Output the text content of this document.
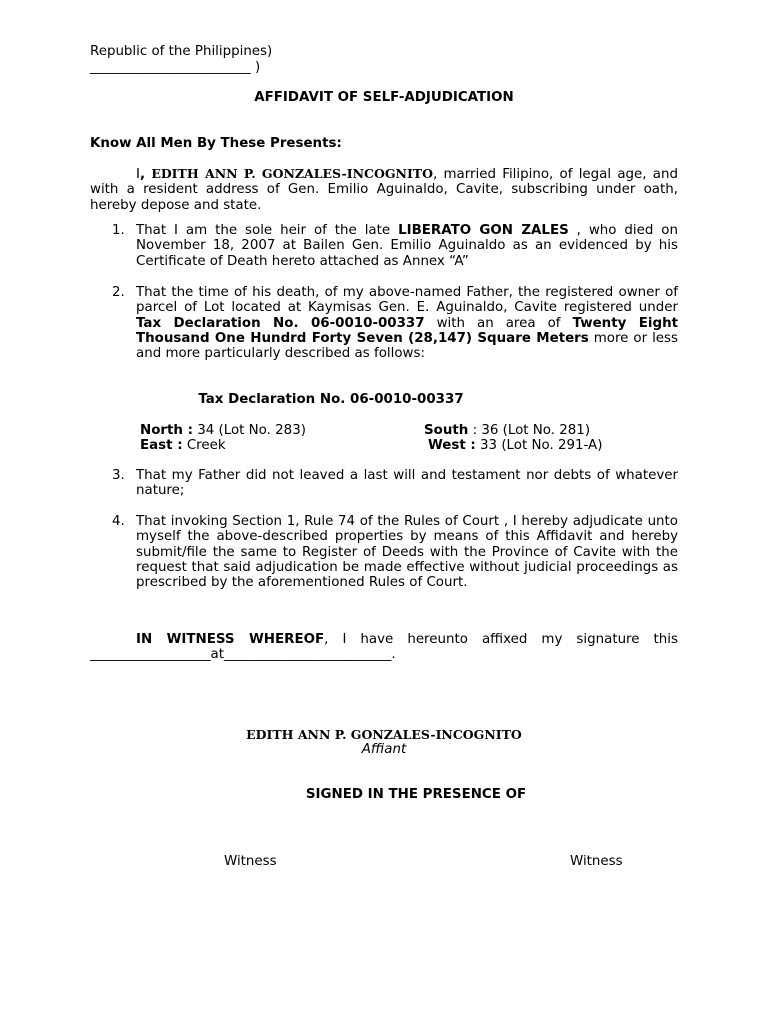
Republic of the Philippines)
________________________ )
AFFIDAVIT OF SELF-ADJUDICATION
Know All Men By These Presents:
I, EDITH ANN P. GONZALES-INCOGNITO, married Filipino, of legal age, and with a resident address of Gen. Emilio Aguinaldo, Cavite, subscribing under oath, hereby depose and state.
1. That I am the sole heir of the late LIBERATO GON ZALES , who died on November 18, 2007 at Bailen Gen. Emilio Aguinaldo as an evidenced by his Certificate of Death hereto attached as Annex “A”
2. That the time of his death, of my above-named Father, the registered owner of parcel of Lot located at Kaymisas Gen. E. Aguinaldo, Cavite registered under Tax Declaration No. 06-0010-00337 with an area of Twenty Eight Thousand One Hundrd Forty Seven (28,147) Square Meters more or less and more particularly described as follows:
Tax Declaration No. 06-0010-00337
North : 34 (Lot No. 283)	South : 36 (Lot No. 281)
East : Creek	West : 33 (Lot No. 291-A)
3. That my Father did not leaved a last will and testament nor debts of whatever nature;
4. That invoking Section 1, Rule 74 of the Rules of Court , I hereby adjudicate unto myself the above-described properties by means of this Affidavit and hereby submit/file the same to Register of Deeds with the Province of Cavite with the request that said adjudication be made effective without judicial proceedings as prescribed by the aforementioned Rules of Court.
IN WITNESS WHEREOF, I have hereunto affixed my signature this
__________________at_________________________.
EDITH ANN P. GONZALES-INCOGNITO
Affiant
SIGNED IN THE PRESENCE OF
Witness	Witness
